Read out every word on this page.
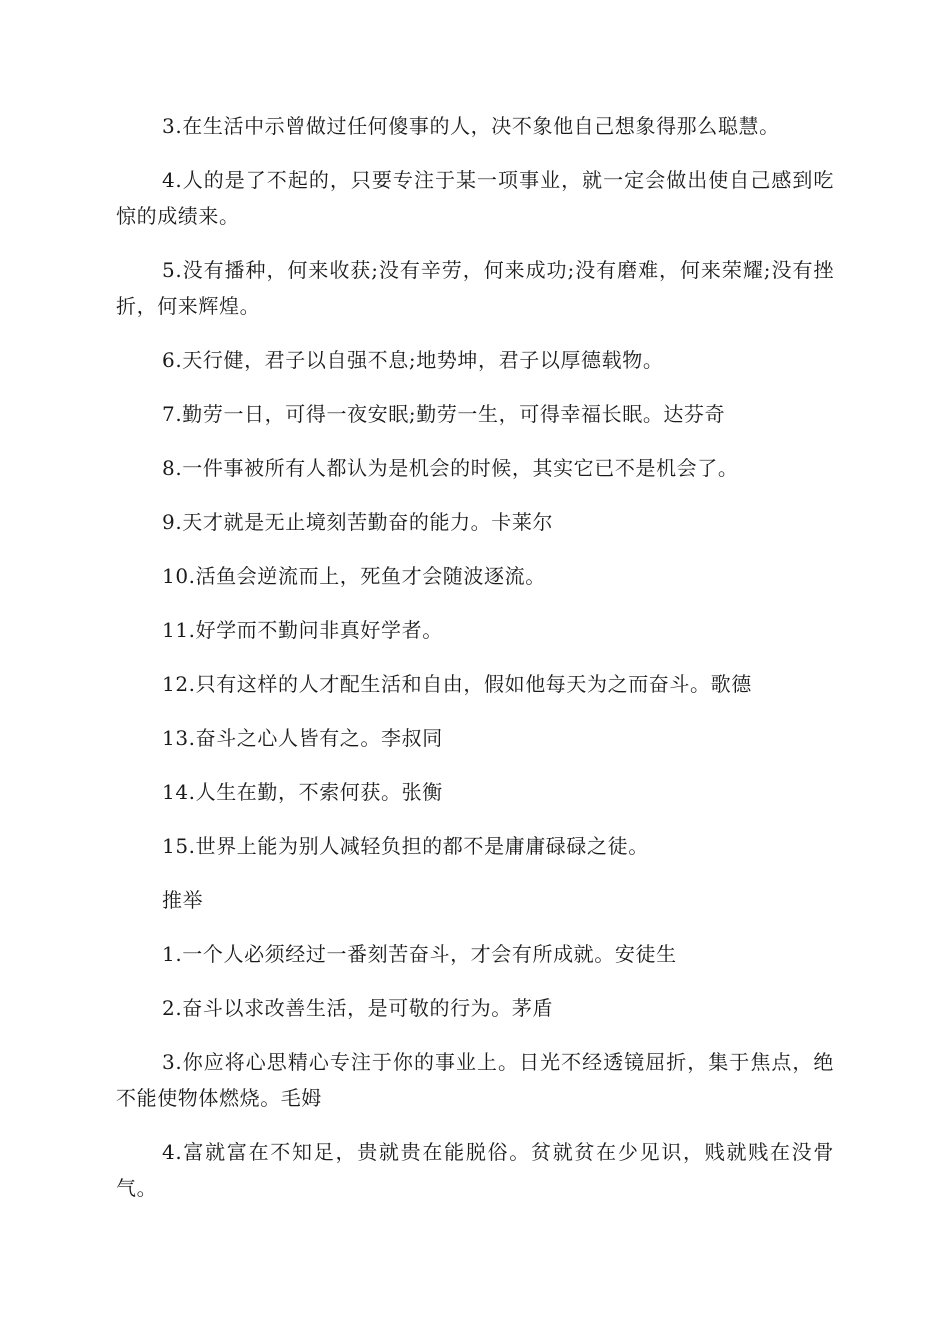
3.在生活中示曾做过任何傻事的人，决不象他自己想象得那么聪慧。

4.人的是了不起的，只要专注于某一项事业，就一定会做出使自己感到吃惊的成绩来。

5.没有播种，何来收获;没有辛劳，何来成功;没有磨难，何来荣耀;没有挫折，何来辉煌。

6.天行健，君子以自强不息;地势坤，君子以厚德载物。

7.勤劳一日，可得一夜安眠;勤劳一生，可得幸福长眠。达芬奇

8.一件事被所有人都认为是机会的时候，其实它已不是机会了。

9.天才就是无止境刻苦勤奋的能力。卡莱尔

10.活鱼会逆流而上，死鱼才会随波逐流。

11.好学而不勤问非真好学者。

12.只有这样的人才配生活和自由，假如他每天为之而奋斗。歌德

13.奋斗之心人皆有之。李叔同

14.人生在勤，不索何获。张衡

15.世界上能为别人减轻负担的都不是庸庸碌碌之徒。

推举

1.一个人必须经过一番刻苦奋斗，才会有所成就。安徒生

2.奋斗以求改善生活，是可敬的行为。茅盾

3.你应将心思精心专注于你的事业上。日光不经透镜屈折，集于焦点，绝不能使物体燃烧。毛姆

4.富就富在不知足，贵就贵在能脱俗。贫就贫在少见识，贱就贱在没骨气。
